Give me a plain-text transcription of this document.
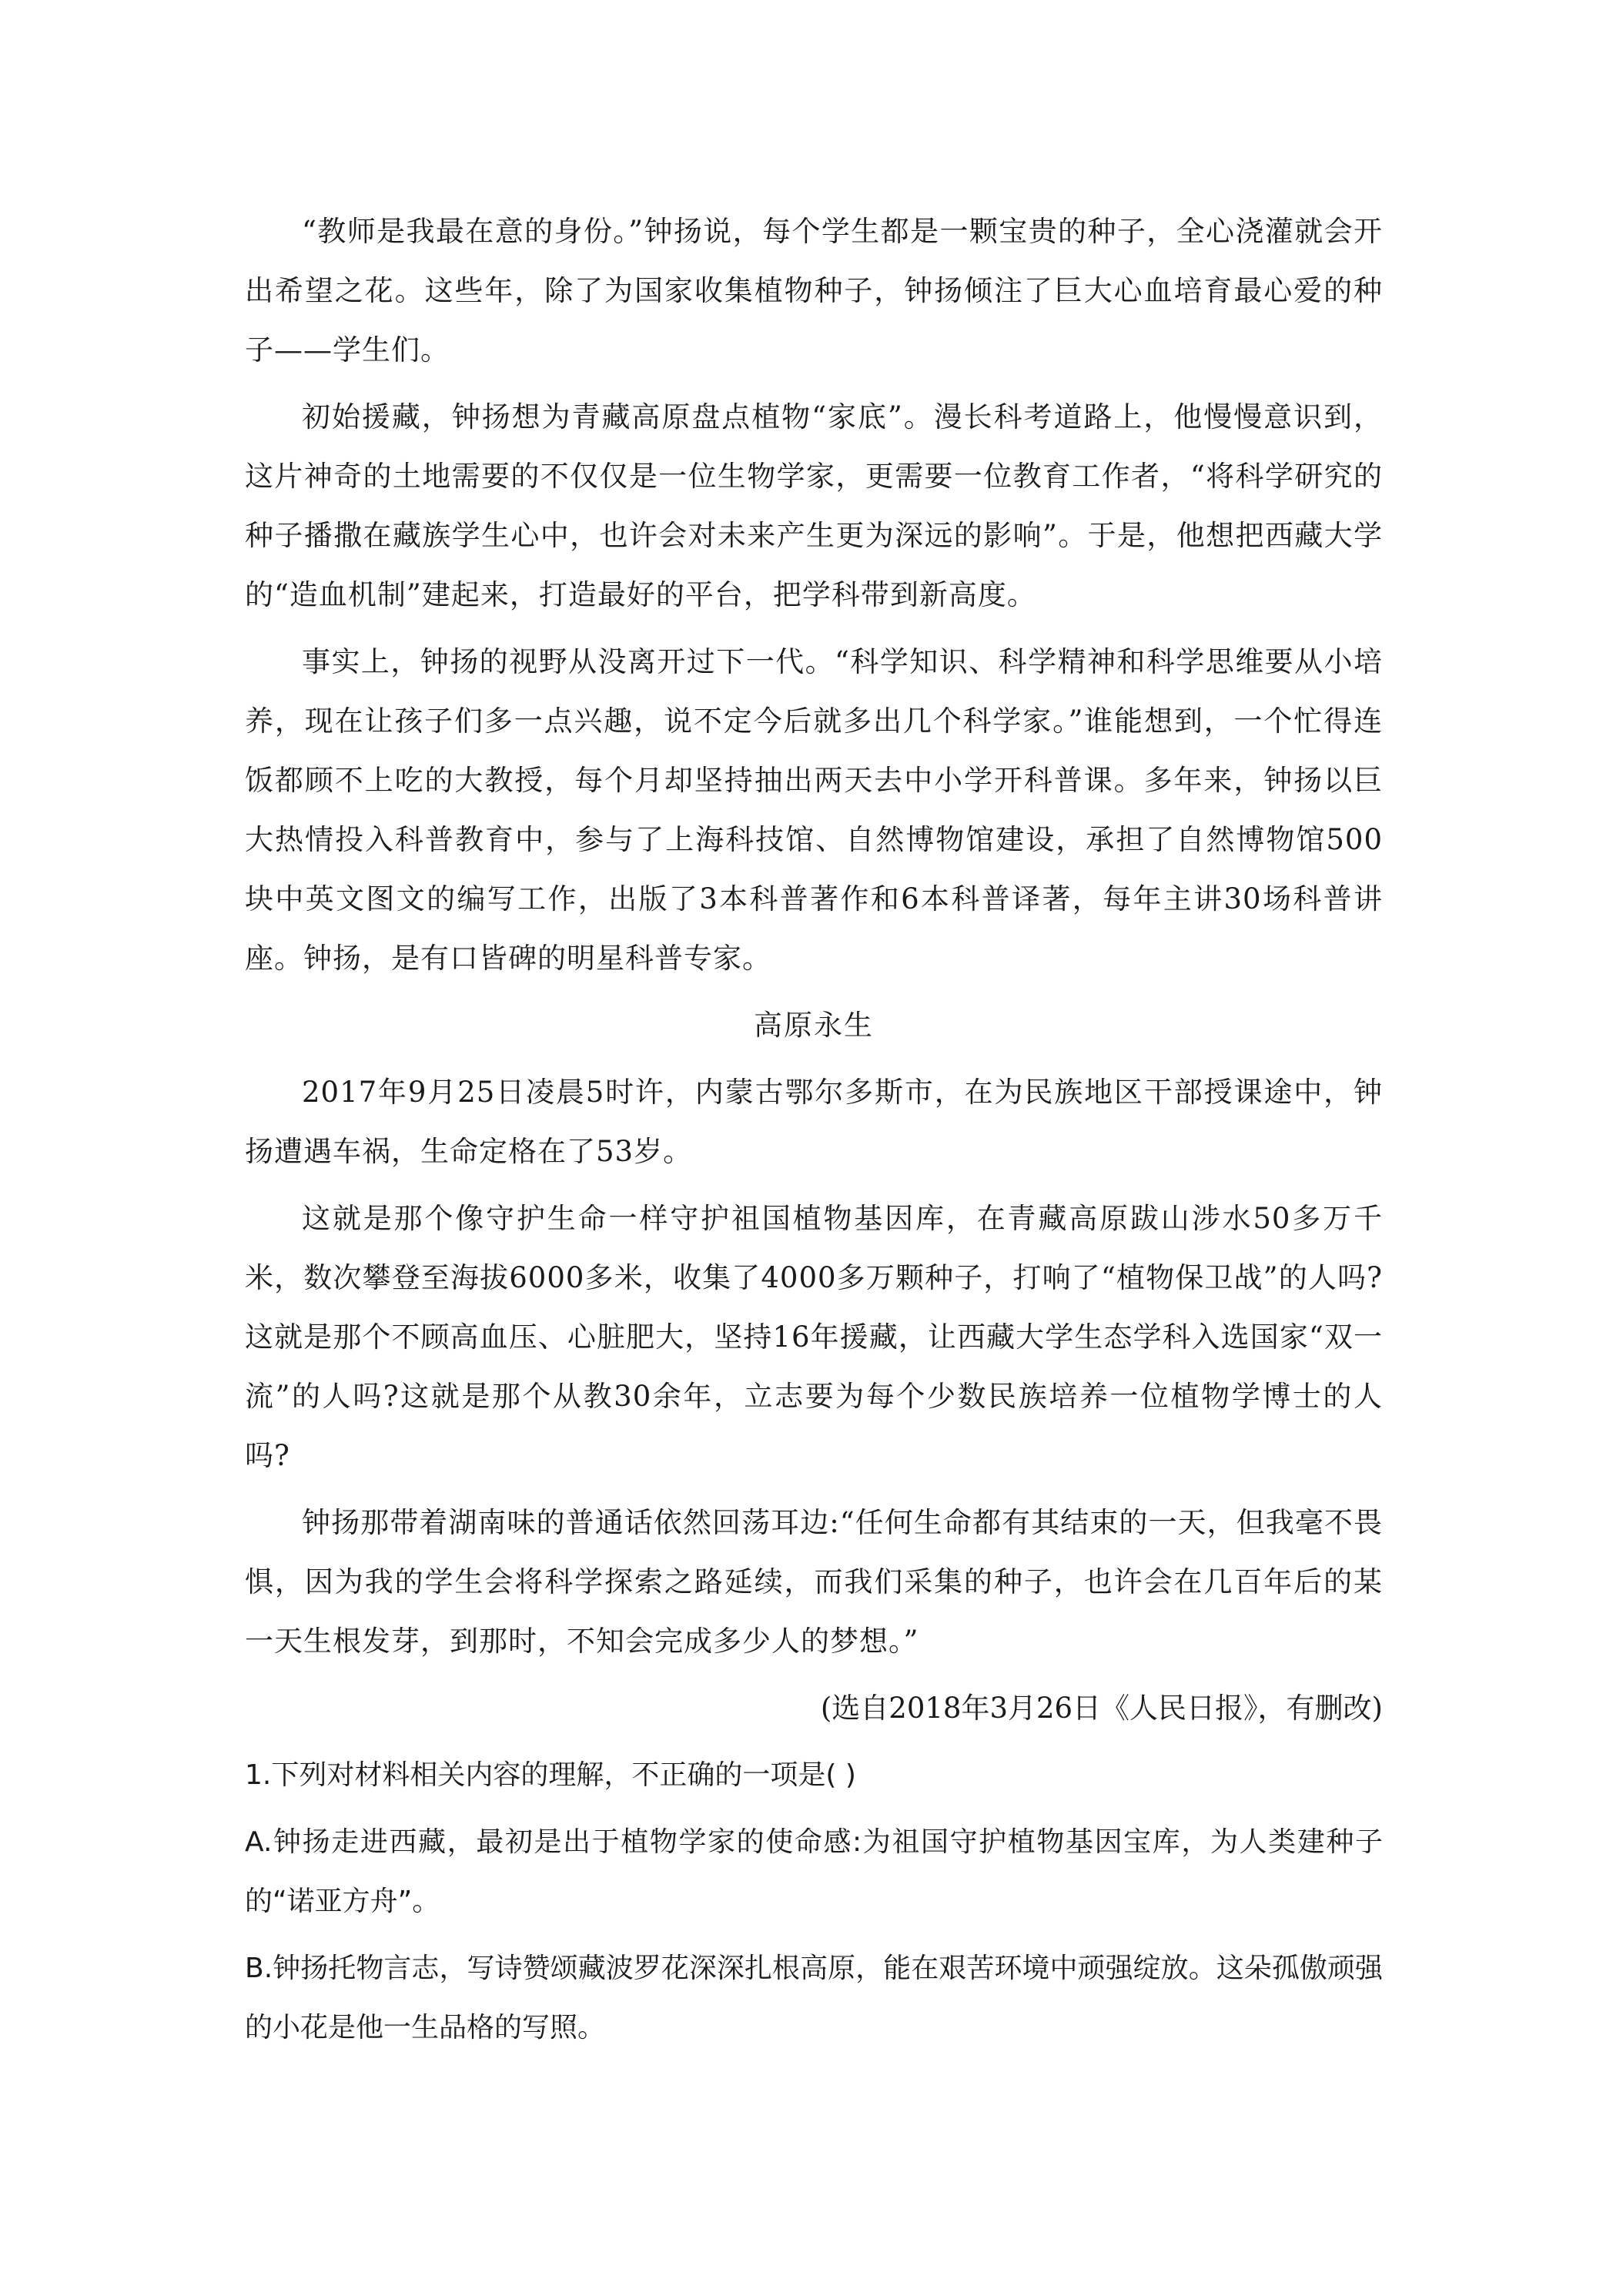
“教师是我最在意的身份。”钟扬说，每个学生都是一颗宝贵的种子，全心浇灌就会开出希望之花。这些年，除了为国家收集植物种子，钟扬倾注了巨大心血培育最心爱的种子——学生们。

初始援藏，钟扬想为青藏高原盘点植物“家底”。漫长科考道路上，他慢慢意识到，这片神奇的土地需要的不仅仅是一位生物学家，更需要一位教育工作者，“将科学研究的种子播撒在藏族学生心中，也许会对未来产生更为深远的影响”。于是，他想把西藏大学的“造血机制”建起来，打造最好的平台，把学科带到新高度。

事实上，钟扬的视野从没离开过下一代。“科学知识、科学精神和科学思维要从小培养，现在让孩子们多一点兴趣，说不定今后就多出几个科学家。”谁能想到，一个忙得连饭都顾不上吃的大教授，每个月却坚持抽出两天去中小学开科普课。多年来，钟扬以巨大热情投入科普教育中，参与了上海科技馆、自然博物馆建设，承担了自然博物馆500块中英文图文的编写工作，出版了3本科普著作和6本科普译著，每年主讲30场科普讲座。钟扬，是有口皆碑的明星科普专家。

高原永生

2017年9月25日凌晨5时许，内蒙古鄂尔多斯市，在为民族地区干部授课途中，钟扬遭遇车祸，生命定格在了53岁。

这就是那个像守护生命一样守护祖国植物基因库，在青藏高原跋山涉水50多万千米，数次攀登至海拔6000多米，收集了4000多万颗种子，打响了“植物保卫战”的人吗?这就是那个不顾高血压、心脏肥大，坚持16年援藏，让西藏大学生态学科入选国家“双一流”的人吗?这就是那个从教30余年，立志要为每个少数民族培养一位植物学博士的人吗?

钟扬那带着湖南味的普通话依然回荡耳边:“任何生命都有其结束的一天，但我毫不畏惧，因为我的学生会将科学探索之路延续，而我们采集的种子，也许会在几百年后的某一天生根发芽，到那时，不知会完成多少人的梦想。”

(选自2018年3月26日《人民日报》，有删改)

1.下列对材料相关内容的理解，不正确的一项是( )

A.钟扬走进西藏，最初是出于植物学家的使命感:为祖国守护植物基因宝库，为人类建种子的“诺亚方舟”。

B.钟扬托物言志，写诗赞颂藏波罗花深深扎根高原，能在艰苦环境中顽强绽放。这朵孤傲顽强的小花是他一生品格的写照。
